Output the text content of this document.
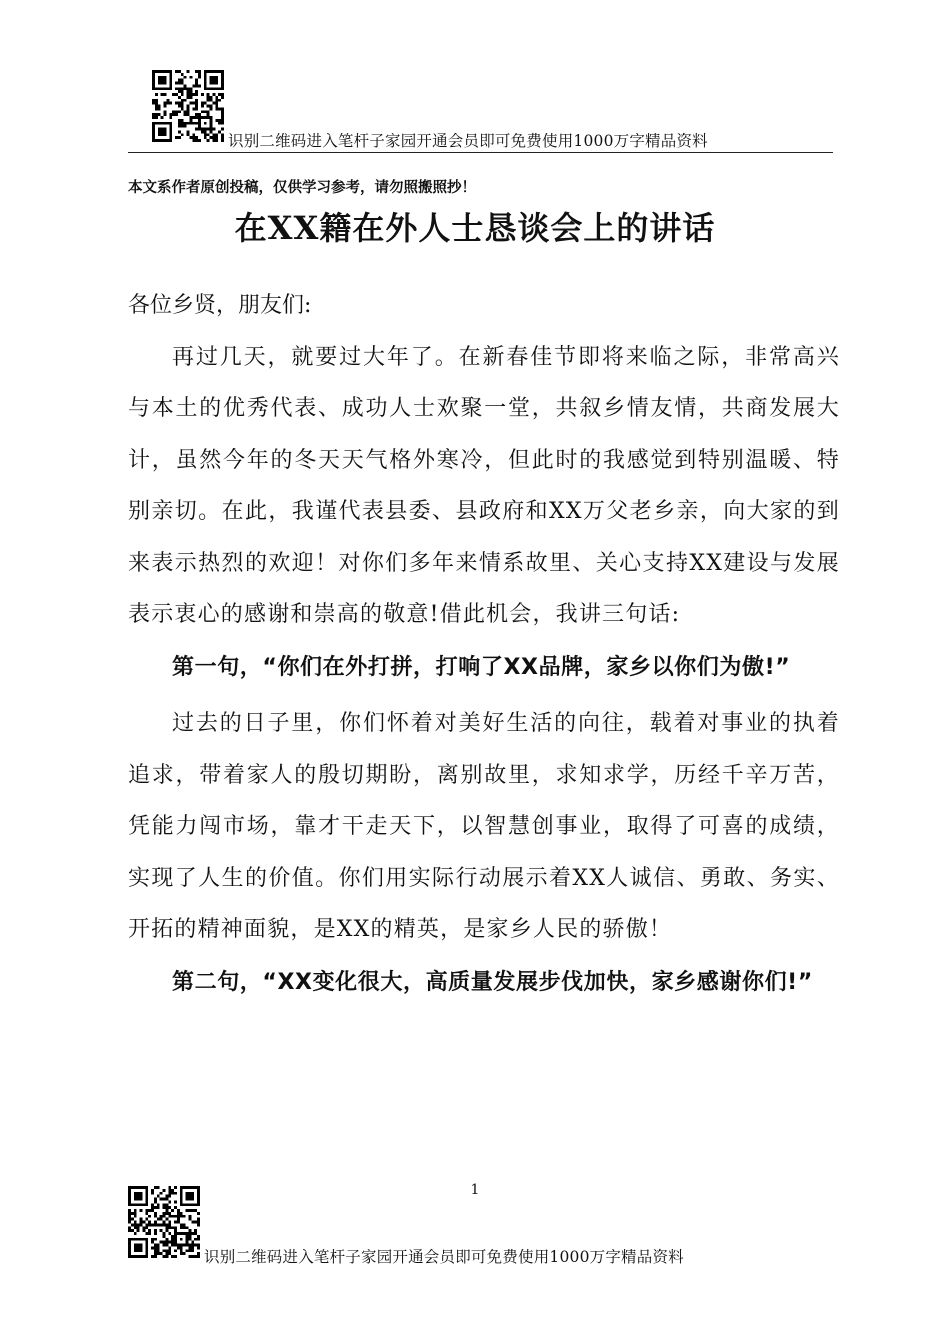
识别二维码进入笔杆子家园开通会员即可免费使用1000万字精品资料
本文系作者原创投稿，仅供学习参考，请勿照搬照抄！
在XX籍在外人士恳谈会上的讲话

各位乡贤，朋友们:

再过几天，就要过大年了。在新春佳节即将来临之际，非常高兴与本土的优秀代表、成功人士欢聚一堂，共叙乡情友情，共商发展大计，虽然今年的冬天天气格外寒冷，但此时的我感觉到特别温暖、特别亲切。在此，我谨代表县委、县政府和XX万父老乡亲，向大家的到来表示热烈的欢迎！对你们多年来情系故里、关心支持XX建设与发展表示衷心的感谢和崇高的敬意!借此机会，我讲三句话:

第一句，“你们在外打拼，打响了XX品牌，家乡以你们为傲!”

过去的日子里，你们怀着对美好生活的向往，载着对事业的执着追求，带着家人的殷切期盼，离别故里，求知求学，历经千辛万苦，凭能力闯市场，靠才干走天下，以智慧创事业，取得了可喜的成绩，实现了人生的价值。你们用实际行动展示着XX人诚信、勇敢、务实、开拓的精神面貌，是XX的精英，是家乡人民的骄傲！

第二句，“XX变化很大，高质量发展步伐加快，家乡感谢你们!”

1
识别二维码进入笔杆子家园开通会员即可免费使用1000万字精品资料
